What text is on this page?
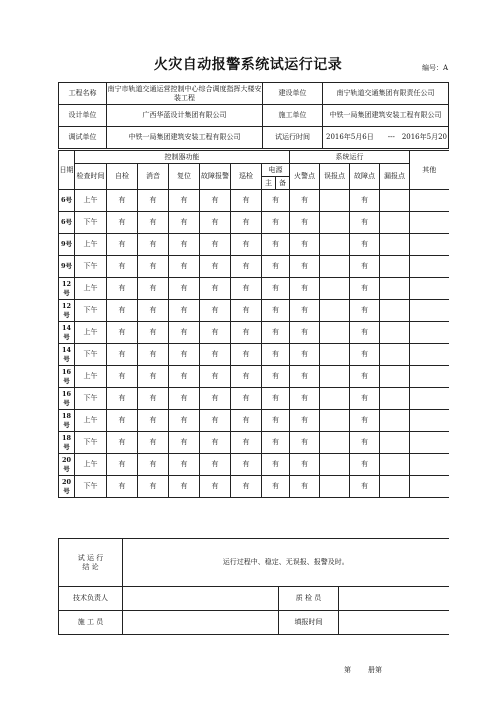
火灾自动报警系统试运行记录	编号：A
工程名称	南宁市轨道交通运营控制中心综合调度指挥大楼安装工程	建设单位	南宁轨道交通集团有限责任公司
设计单位	广西华蓝设计集团有限公司	施工单位	中铁一局集团建筑安装工程有限公司
调试单位	中铁一局集团建筑安装工程有限公司	试运行时间	2016年5月6日　　---　2016年5月20
日期	控制器功能								系统运行				其他
	检查时间	自检	消音	复位	故障报警	巡检	电源		火警点	误报点	故障点	漏报点	
							主	备					
6号	上午	有	有	有	有	有	有		有		有		
6号	下午	有	有	有	有	有	有		有		有		
9号	上午	有	有	有	有	有	有		有		有		
9号	下午	有	有	有	有	有	有		有		有		
12号	上午	有	有	有	有	有	有		有		有		
12号	下午	有	有	有	有	有	有		有		有		
14号	上午	有	有	有	有	有	有		有		有		
14号	下午	有	有	有	有	有	有		有		有		
16号	上午	有	有	有	有	有	有		有		有		
16号	下午	有	有	有	有	有	有		有		有		
18号	上午	有	有	有	有	有	有		有		有		
18号	下午	有	有	有	有	有	有		有		有		
20号	上午	有	有	有	有	有	有		有		有		
20号	下午	有	有	有	有	有	有		有		有		
试 运 行
结 论	运行过程中、稳定、无误报、报警及时。		
技术负责人		质 检 员	
施 工 员		填报时间	
第 册第
